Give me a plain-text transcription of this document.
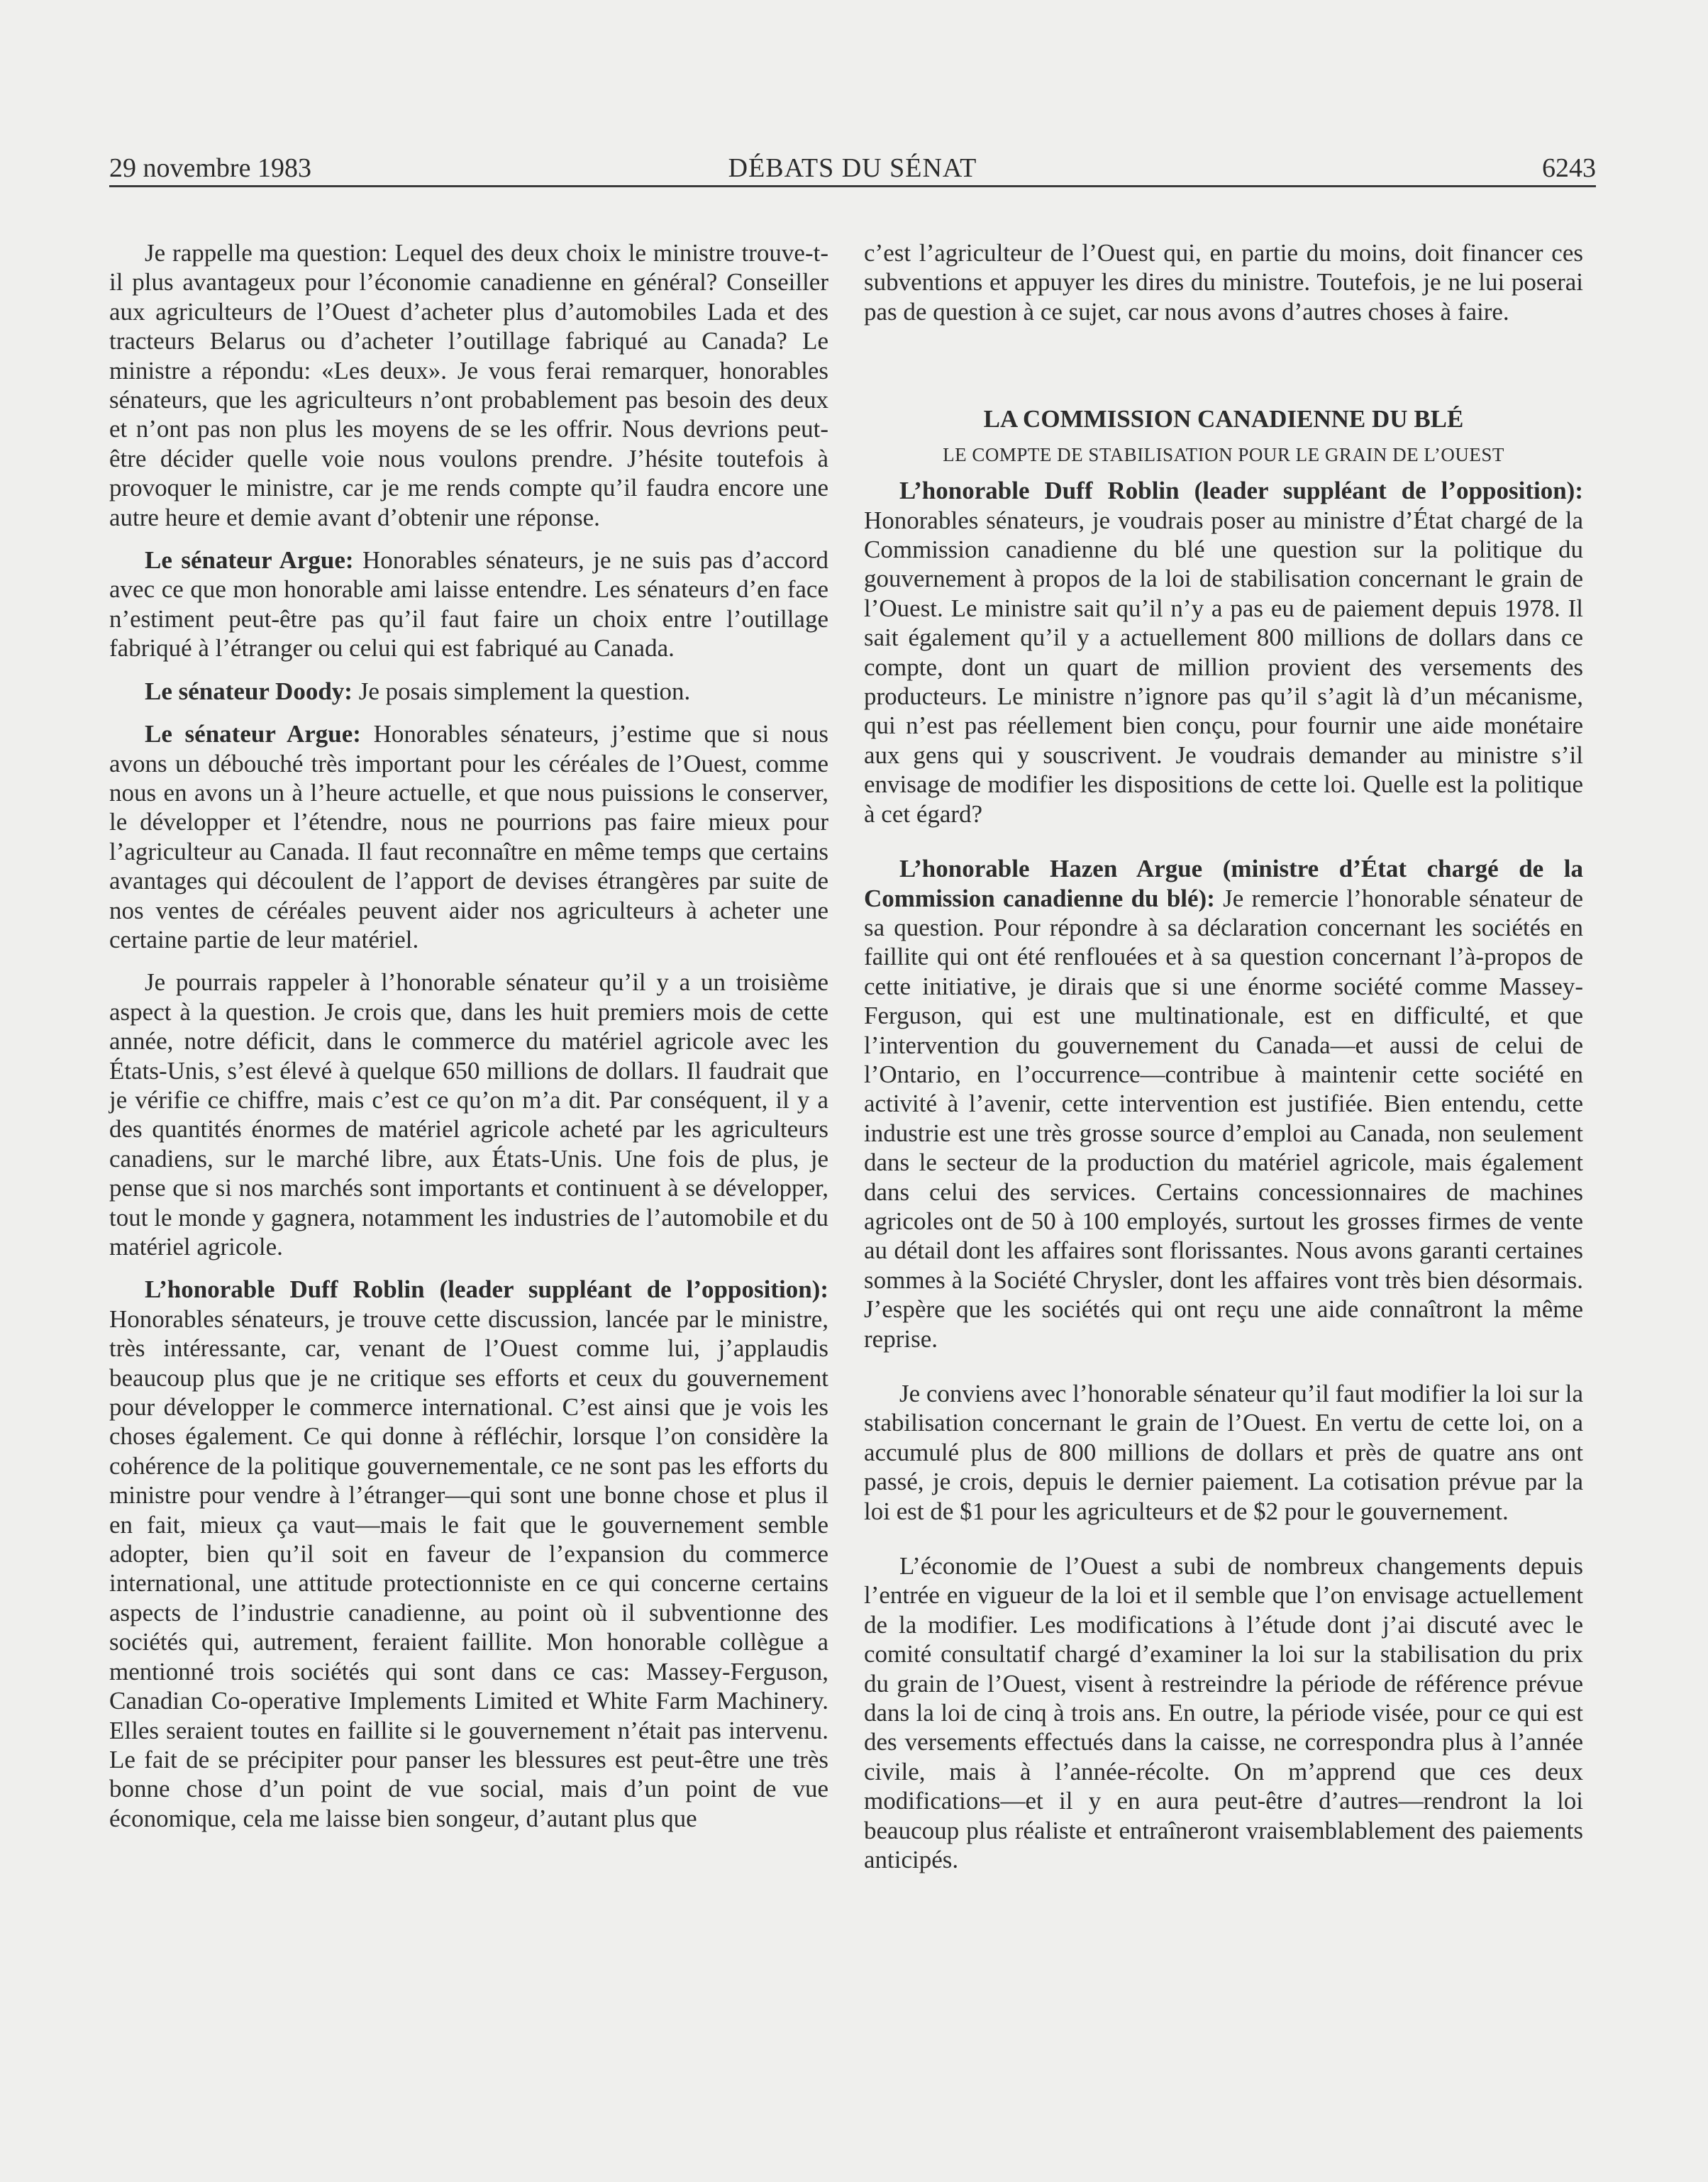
29 novembre 1983	DÉBATS DU SÉNAT	6243

Je rappelle ma question: Lequel des deux choix le ministre trouve-t-il plus avantageux pour l’économie canadienne en général? Conseiller aux agriculteurs de l’Ouest d’acheter plus d’automobiles Lada et des tracteurs Belarus ou d’acheter l’outillage fabriqué au Canada? Le ministre a répondu: «Les deux». Je vous ferai remarquer, honorables sénateurs, que les agriculteurs n’ont probablement pas besoin des deux et n’ont pas non plus les moyens de se les offrir. Nous devrions peut-être décider quelle voie nous voulons prendre. J’hésite toutefois à provoquer le ministre, car je me rends compte qu’il faudra encore une autre heure et demie avant d’obtenir une réponse.

Le sénateur Argue: Honorables sénateurs, je ne suis pas d’accord avec ce que mon honorable ami laisse entendre. Les sénateurs d’en face n’estiment peut-être pas qu’il faut faire un choix entre l’outillage fabriqué à l’étranger ou celui qui est fabriqué au Canada.

Le sénateur Doody: Je posais simplement la question.

Le sénateur Argue: Honorables sénateurs, j’estime que si nous avons un débouché très important pour les céréales de l’Ouest, comme nous en avons un à l’heure actuelle, et que nous puissions le conserver, le développer et l’étendre, nous ne pourrions pas faire mieux pour l’agriculteur au Canada. Il faut reconnaître en même temps que certains avantages qui découlent de l’apport de devises étrangères par suite de nos ventes de céréales peuvent aider nos agriculteurs à acheter une certaine partie de leur matériel.

Je pourrais rappeler à l’honorable sénateur qu’il y a un troisième aspect à la question. Je crois que, dans les huit premiers mois de cette année, notre déficit, dans le commerce du matériel agricole avec les États-Unis, s’est élevé à quelque 650 millions de dollars. Il faudrait que je vérifie ce chiffre, mais c’est ce qu’on m’a dit. Par conséquent, il y a des quantités énormes de matériel agricole acheté par les agriculteurs canadiens, sur le marché libre, aux États-Unis. Une fois de plus, je pense que si nos marchés sont importants et continuent à se développer, tout le monde y gagnera, notamment les industries de l’automobile et du matériel agricole.

L’honorable Duff Roblin (leader suppléant de l’opposition): Honorables sénateurs, je trouve cette discussion, lancée par le ministre, très intéressante, car, venant de l’Ouest comme lui, j’applaudis beaucoup plus que je ne critique ses efforts et ceux du gouvernement pour développer le commerce international. C’est ainsi que je vois les choses également. Ce qui donne à réfléchir, lorsque l’on considère la cohérence de la politique gouvernementale, ce ne sont pas les efforts du ministre pour vendre à l’étranger—qui sont une bonne chose et plus il en fait, mieux ça vaut—mais le fait que le gouvernement semble adopter, bien qu’il soit en faveur de l’expansion du commerce international, une attitude protectionniste en ce qui concerne certains aspects de l’industrie canadienne, au point où il subventionne des sociétés qui, autrement, feraient faillite. Mon honorable collègue a mentionné trois sociétés qui sont dans ce cas: Massey-Ferguson, Canadian Co-operative Implements Limited et White Farm Machinery. Elles seraient toutes en faillite si le gouvernement n’était pas intervenu. Le fait de se précipiter pour panser les blessures est peut-être une très bonne chose d’un point de vue social, mais d’un point de vue économique, cela me laisse bien songeur, d’autant plus que

c’est l’agriculteur de l’Ouest qui, en partie du moins, doit financer ces subventions et appuyer les dires du ministre. Toutefois, je ne lui poserai pas de question à ce sujet, car nous avons d’autres choses à faire.

LA COMMISSION CANADIENNE DU BLÉ
LE COMPTE DE STABILISATION POUR LE GRAIN DE L’OUEST

L’honorable Duff Roblin (leader suppléant de l’opposition): Honorables sénateurs, je voudrais poser au ministre d’État chargé de la Commission canadienne du blé une question sur la politique du gouvernement à propos de la loi de stabilisation concernant le grain de l’Ouest. Le ministre sait qu’il n’y a pas eu de paiement depuis 1978. Il sait également qu’il y a actuellement 800 millions de dollars dans ce compte, dont un quart de million provient des versements des producteurs. Le ministre n’ignore pas qu’il s’agit là d’un mécanisme, qui n’est pas réellement bien conçu, pour fournir une aide monétaire aux gens qui y souscrivent. Je voudrais demander au ministre s’il envisage de modifier les dispositions de cette loi. Quelle est la politique à cet égard?

L’honorable Hazen Argue (ministre d’État chargé de la Commission canadienne du blé): Je remercie l’honorable sénateur de sa question. Pour répondre à sa déclaration concernant les sociétés en faillite qui ont été renflouées et à sa question concernant l’à-propos de cette initiative, je dirais que si une énorme société comme Massey-Ferguson, qui est une multinationale, est en difficulté, et que l’intervention du gouvernement du Canada—et aussi de celui de l’Ontario, en l’occurrence—contribue à maintenir cette société en activité à l’avenir, cette intervention est justifiée. Bien entendu, cette industrie est une très grosse source d’emploi au Canada, non seulement dans le secteur de la production du matériel agricole, mais également dans celui des services. Certains concessionnaires de machines agricoles ont de 50 à 100 employés, surtout les grosses firmes de vente au détail dont les affaires sont florissantes. Nous avons garanti certaines sommes à la Société Chrysler, dont les affaires vont très bien désormais. J’espère que les sociétés qui ont reçu une aide connaîtront la même reprise.

Je conviens avec l’honorable sénateur qu’il faut modifier la loi sur la stabilisation concernant le grain de l’Ouest. En vertu de cette loi, on a accumulé plus de 800 millions de dollars et près de quatre ans ont passé, je crois, depuis le dernier paiement. La cotisation prévue par la loi est de $1 pour les agriculteurs et de $2 pour le gouvernement.

L’économie de l’Ouest a subi de nombreux changements depuis l’entrée en vigueur de la loi et il semble que l’on envisage actuellement de la modifier. Les modifications à l’étude dont j’ai discuté avec le comité consultatif chargé d’examiner la loi sur la stabilisation du prix du grain de l’Ouest, visent à restreindre la période de référence prévue dans la loi de cinq à trois ans. En outre, la période visée, pour ce qui est des versements effectués dans la caisse, ne correspondra plus à l’année civile, mais à l’année-récolte. On m’apprend que ces deux modifications—et il y en aura peut-être d’autres—rendront la loi beaucoup plus réaliste et entraîneront vraisemblablement des paiements anticipés.
